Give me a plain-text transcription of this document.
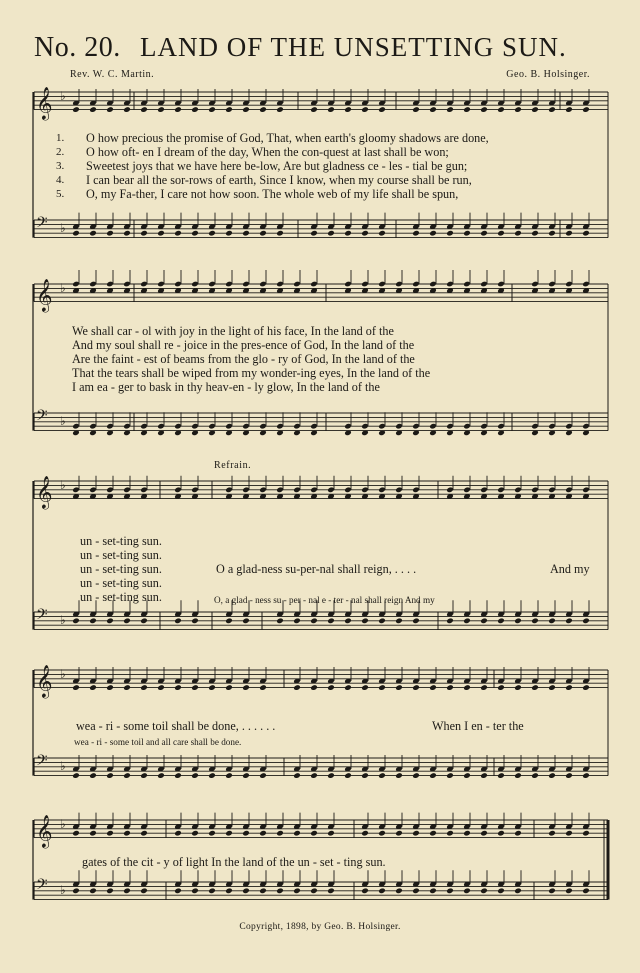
No. 20. LAND OF THE UNSETTING SUN.
Rev. W. C. Martin.	Geo. B. Holsinger.
𝄞 ♭
𝄢 ♭
𝄞 ♭
𝄢 ♭
𝄞 ♭
𝄢 ♭
𝄞 ♭
𝄢 ♭
𝄞 ♭
𝄢 ♭
1.
2.
3.
4.
5.
O how precious the promise of God, That, when earth's gloomy shadows are done,
O how oft- en I dream of the day, When the con-quest at last shall be won;
Sweetest joys that we have here be-low, Are but gladness ce - les - tial be gun;
I can bear all the sor-rows of earth, Since I know, when my course shall be run,
O, my Fa-ther, I care not how soon. The whole web of my life shall be spun,
We shall car - ol with joy in the light of his face, In the land of the
And my soul shall re - joice in the pres-ence of God, In the land of the
Are the faint - est of beams from the glo - ry of God, In the land of the
That the tears shall be wiped from my wonder-ing eyes, In the land of the
I am ea - ger to bask in thy heav-en - ly glow, In the land of the
Refrain.
un - set-ting sun.
un - set-ting sun.
un - set-ting sun.
un - set-ting sun.
un - set-ting sun.
O a glad-ness su-per-nal shall reign, . . . .	And my
O, a glad - ness su - per - nal e - ter - nal shall reign And my
wea - ri - some toil shall be done, . . . . . .	When I en - ter the
wea - ri - some toil and all care shall be done.
gates of the cit - y of light In the land of the un - set - ting sun.
Copyright, 1898, by Geo. B. Holsinger.
